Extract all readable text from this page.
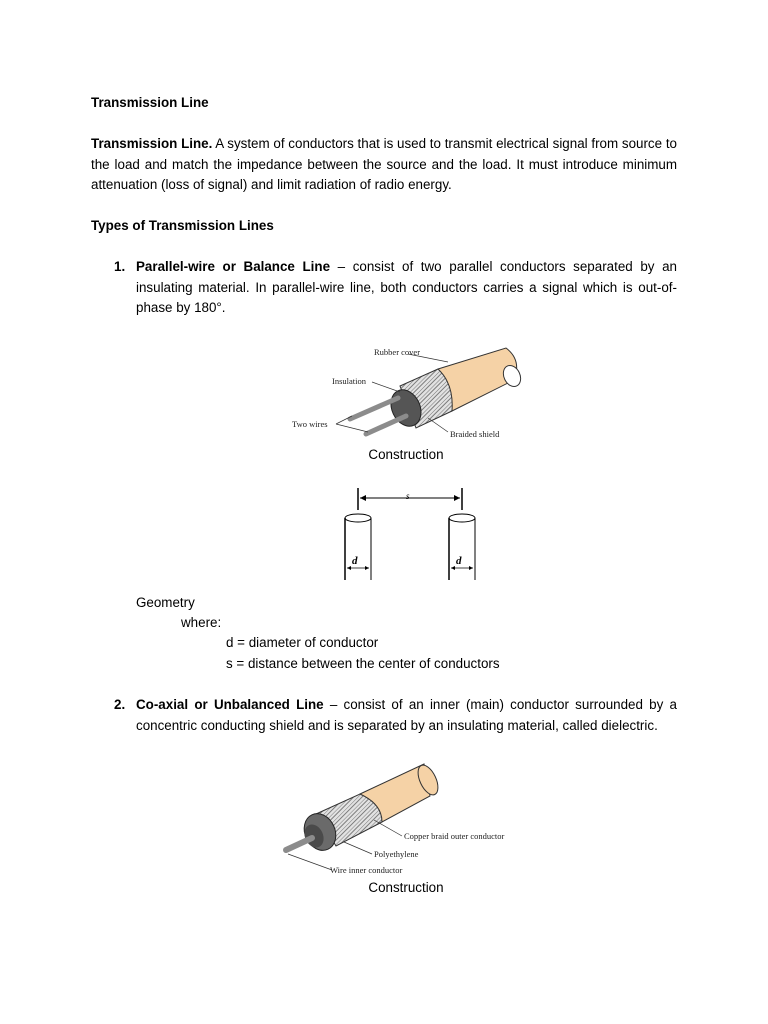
Transmission Line
Transmission Line. A system of conductors that is used to transmit electrical signal from source to the load and match the impedance between the source and the load. It must introduce minimum attenuation (loss of signal) and limit radiation of radio energy.
Types of Transmission Lines
1. Parallel-wire or Balance Line – consist of two parallel conductors separated by an insulating material. In parallel-wire line, both conductors carries a signal which is out-of-phase by 180°.
Rubber cover
Insulation
Two wires
Braided shield
Construction
s
d	d
Geometry
where:
d = diameter of conductor
s = distance between the center of conductors
2. Co-axial or Unbalanced Line – consist of an inner (main) conductor surrounded by a concentric conducting shield and is separated by an insulating material, called dielectric.
Copper braid outer conductor
Polyethylene
Wire inner conductor
Construction
